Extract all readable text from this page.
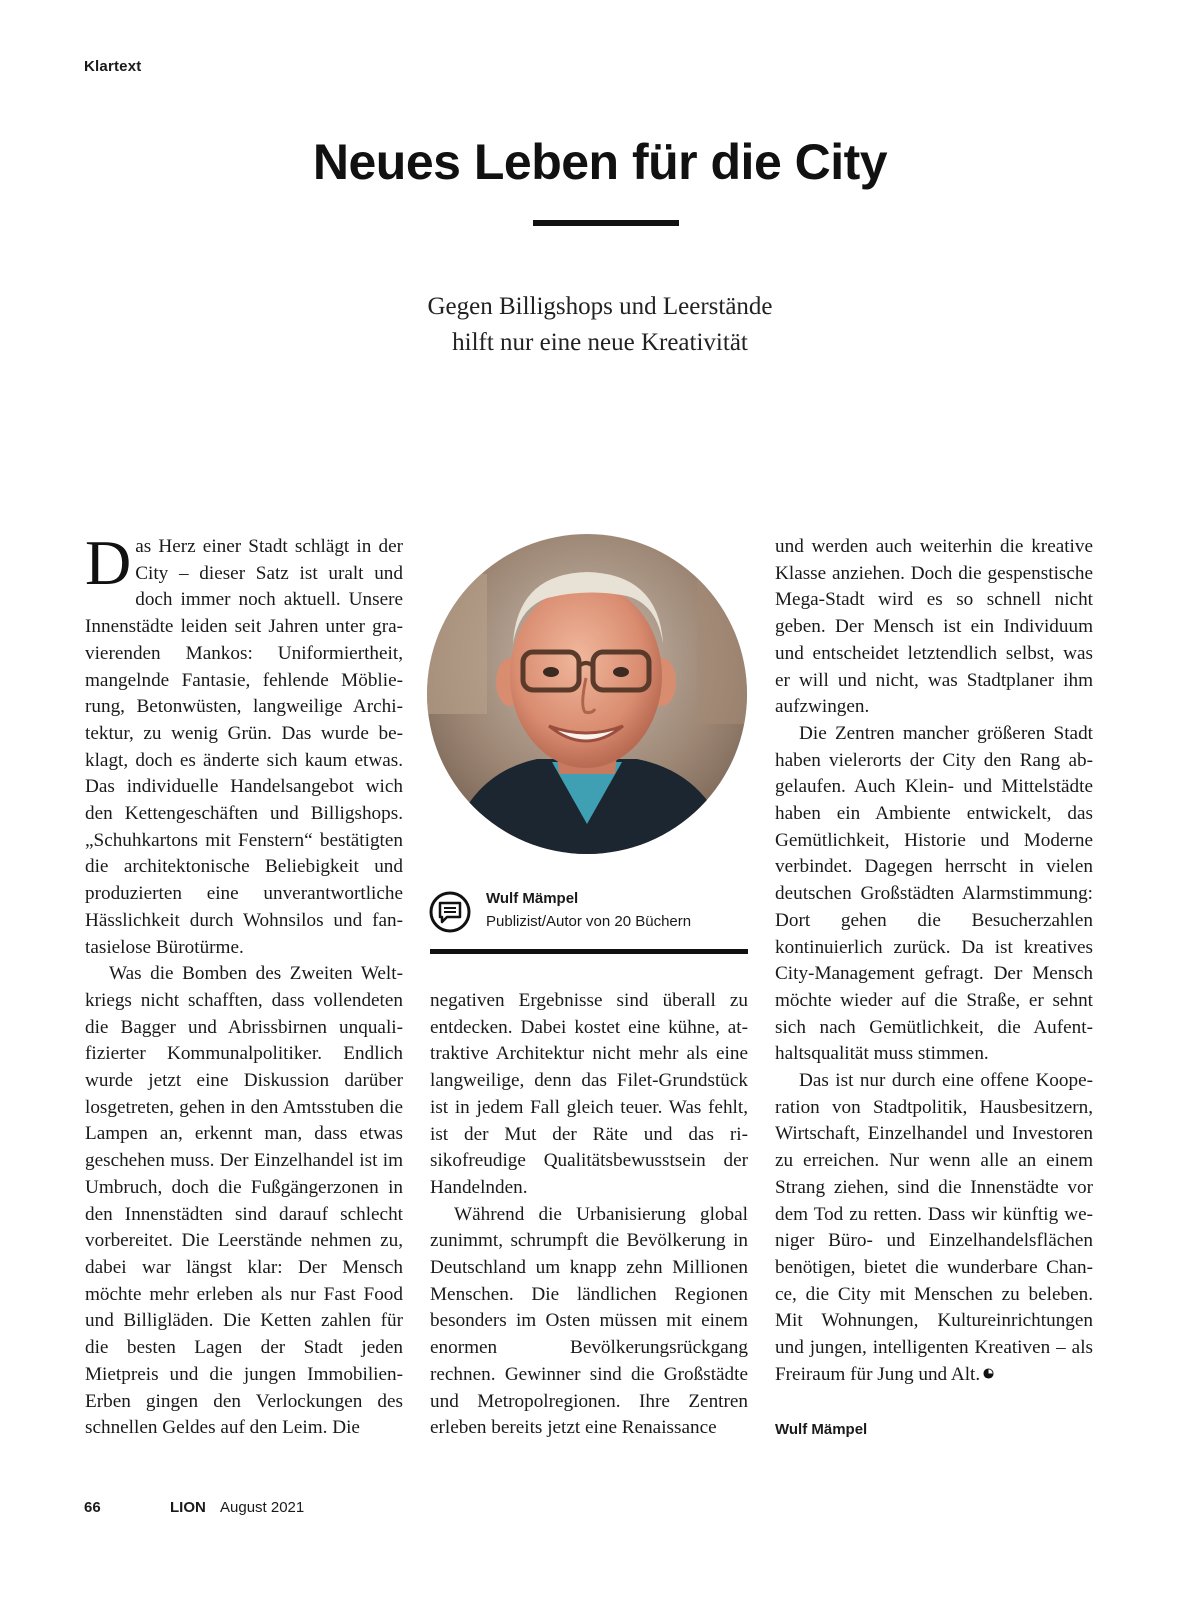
Klartext
Neues Leben für die City
Gegen Billigshops und Leerstände
hilft nur eine neue Kreativität

Das Herz einer Stadt schlägt in der City – dieser Satz ist uralt und doch immer noch aktuell. Unsere Innenstädte leiden seit Jahren unter gravierenden Mankos: Uniformiertheit, mangelnde Fantasie, fehlende Möblierung, Betonwüsten, langweilige Architektur, zu wenig Grün. Das wurde beklagt, doch es änderte sich kaum etwas. Das individuelle Handelsangebot wich den Kettengeschäften und Billigshops. „Schuhkartons mit Fenstern“ bestätigten die architektonische Beliebigkeit und produzierten eine unverantwortliche Hässlichkeit durch Wohnsilos und fantasielose Bürotürme.

Was die Bomben des Zweiten Weltkriegs nicht schafften, dass vollendeten die Bagger und Abrissbirnen unqualifizierter Kommunalpolitiker. Endlich wurde jetzt eine Diskussion darüber losgetreten, gehen in den Amtsstuben die Lampen an, erkennt man, dass etwas geschehen muss. Der Einzelhandel ist im Umbruch, doch die Fußgängerzonen in den Innenstädten sind darauf schlecht vorbereitet. Die Leerstände nehmen zu, dabei war längst klar: Der Mensch möchte mehr erleben als nur Fast Food und Billigläden. Die Ketten zahlen für die besten Lagen der Stadt jeden Mietpreis und die jungen Immobilien-Erben gingen den Verlockungen des schnellen Geldes auf den Leim. Die

Wulf Mämpel
Publizist/Autor von 20 Büchern

negativen Ergebnisse sind überall zu entdecken. Dabei kostet eine kühne, attraktive Architektur nicht mehr als eine langweilige, denn das Filet-Grundstück ist in jedem Fall gleich teuer. Was fehlt, ist der Mut der Räte und das risikofreudige Qualitätsbewusstsein der Handelnden.

Während die Urbanisierung global zunimmt, schrumpft die Bevölkerung in Deutschland um knapp zehn Millionen Menschen. Die ländlichen Regionen besonders im Osten müssen mit einem enormen Bevölkerungsrückgang rechnen. Gewinner sind die Großstädte und Metropolregionen. Ihre Zentren erleben bereits jetzt eine Renaissance

und werden auch weiterhin die kreative Klasse anziehen. Doch die gespenstische Mega-Stadt wird es so schnell nicht geben. Der Mensch ist ein Individuum und entscheidet letztendlich selbst, was er will und nicht, was Stadtplaner ihm aufzwingen.

Die Zentren mancher größeren Stadt haben vielerorts der City den Rang abgelaufen. Auch Klein- und Mittelstädte haben ein Ambiente entwickelt, das Gemütlichkeit, Historie und Moderne verbindet. Dagegen herrscht in vielen deutschen Großstädten Alarmstimmung: Dort gehen die Besucherzahlen kontinuierlich zurück. Da ist kreatives City-Management gefragt. Der Mensch möchte wieder auf die Straße, er sehnt sich nach Gemütlichkeit, die Aufenthaltsqualität muss stimmen.

Das ist nur durch eine offene Kooperation von Stadtpolitik, Hausbesitzern, Wirtschaft, Einzelhandel und Investoren zu erreichen. Nur wenn alle an einem Strang ziehen, sind die Innenstädte vor dem Tod zu retten. Dass wir künftig weniger Büro- und Einzelhandelsflächen benötigen, bietet die wunderbare Chance, die City mit Menschen zu beleben. Mit Wohnungen, Kultureinrichtungen und jungen, intelligenten Kreativen – als Freiraum für Jung und Alt.

Wulf Mämpel
66	LION August 2021
